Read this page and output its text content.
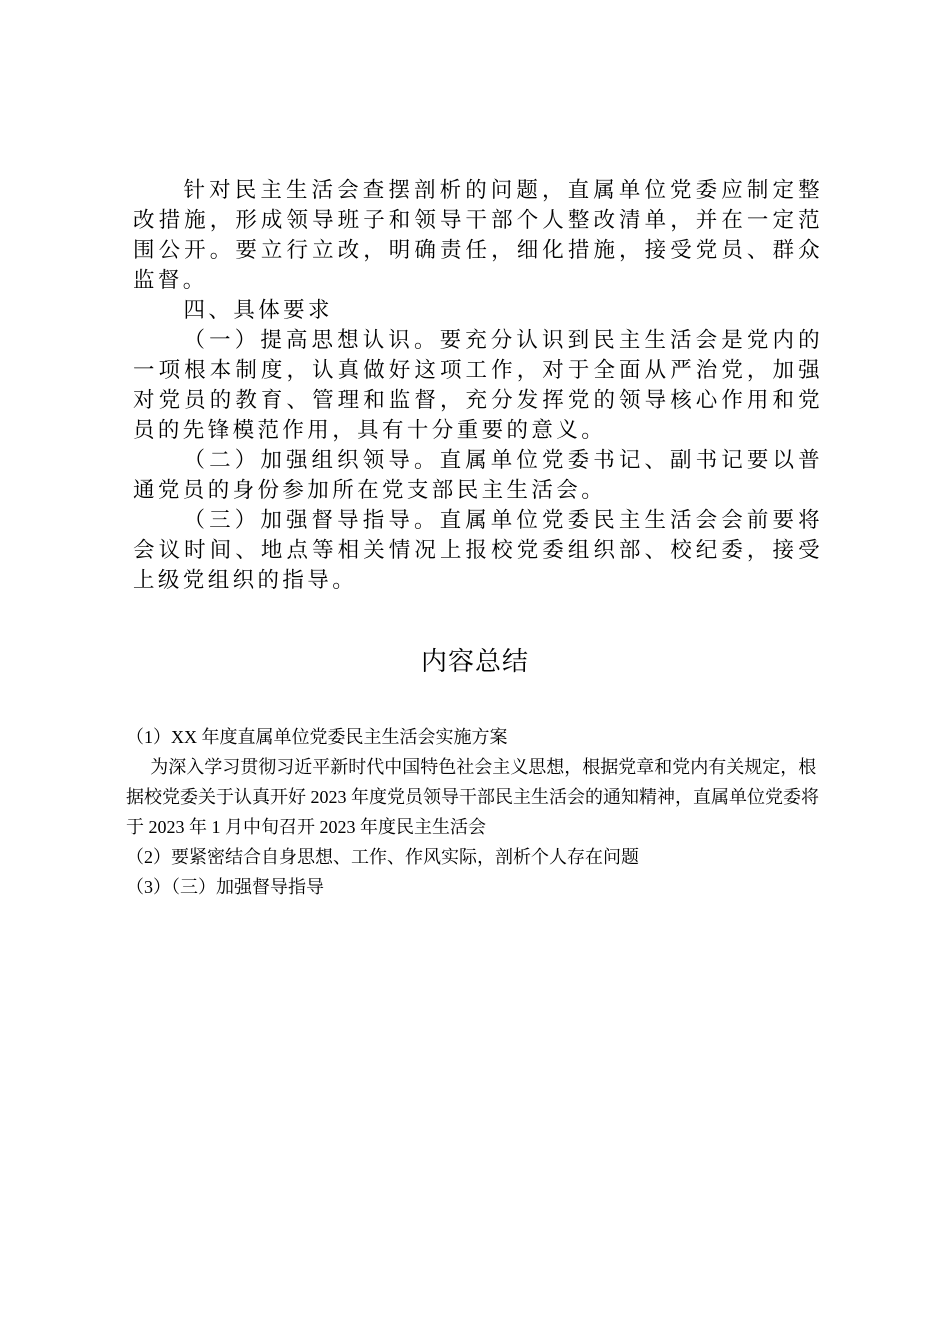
针对民主生活会查摆剖析的问题，直属单位党委应制定整改措施，形成领导班子和领导干部个人整改清单，并在一定范围公开。要立行立改，明确责任，细化措施，接受党员、群众监督。

四、具体要求

（一）提高思想认识。要充分认识到民主生活会是党内的一项根本制度，认真做好这项工作，对于全面从严治党，加强对党员的教育、管理和监督，充分发挥党的领导核心作用和党员的先锋模范作用，具有十分重要的意义。

（二）加强组织领导。直属单位党委书记、副书记要以普通党员的身份参加所在党支部民主生活会。

（三）加强督导指导。直属单位党委民主生活会会前要将会议时间、地点等相关情况上报校党委组织部、校纪委，接受上级党组织的指导。

内容总结

（1）XX 年度直属单位党委民主生活会实施方案

为深入学习贯彻习近平新时代中国特色社会主义思想，根据党章和党内有关规定，根据校党委关于认真开好 2023 年度党员领导干部民主生活会的通知精神，直属单位党委将于 2023 年 1 月中旬召开 2023 年度民主生活会

（2）要紧密结合自身思想、工作、作风实际，剖析个人存在问题

（3）（三）加强督导指导
